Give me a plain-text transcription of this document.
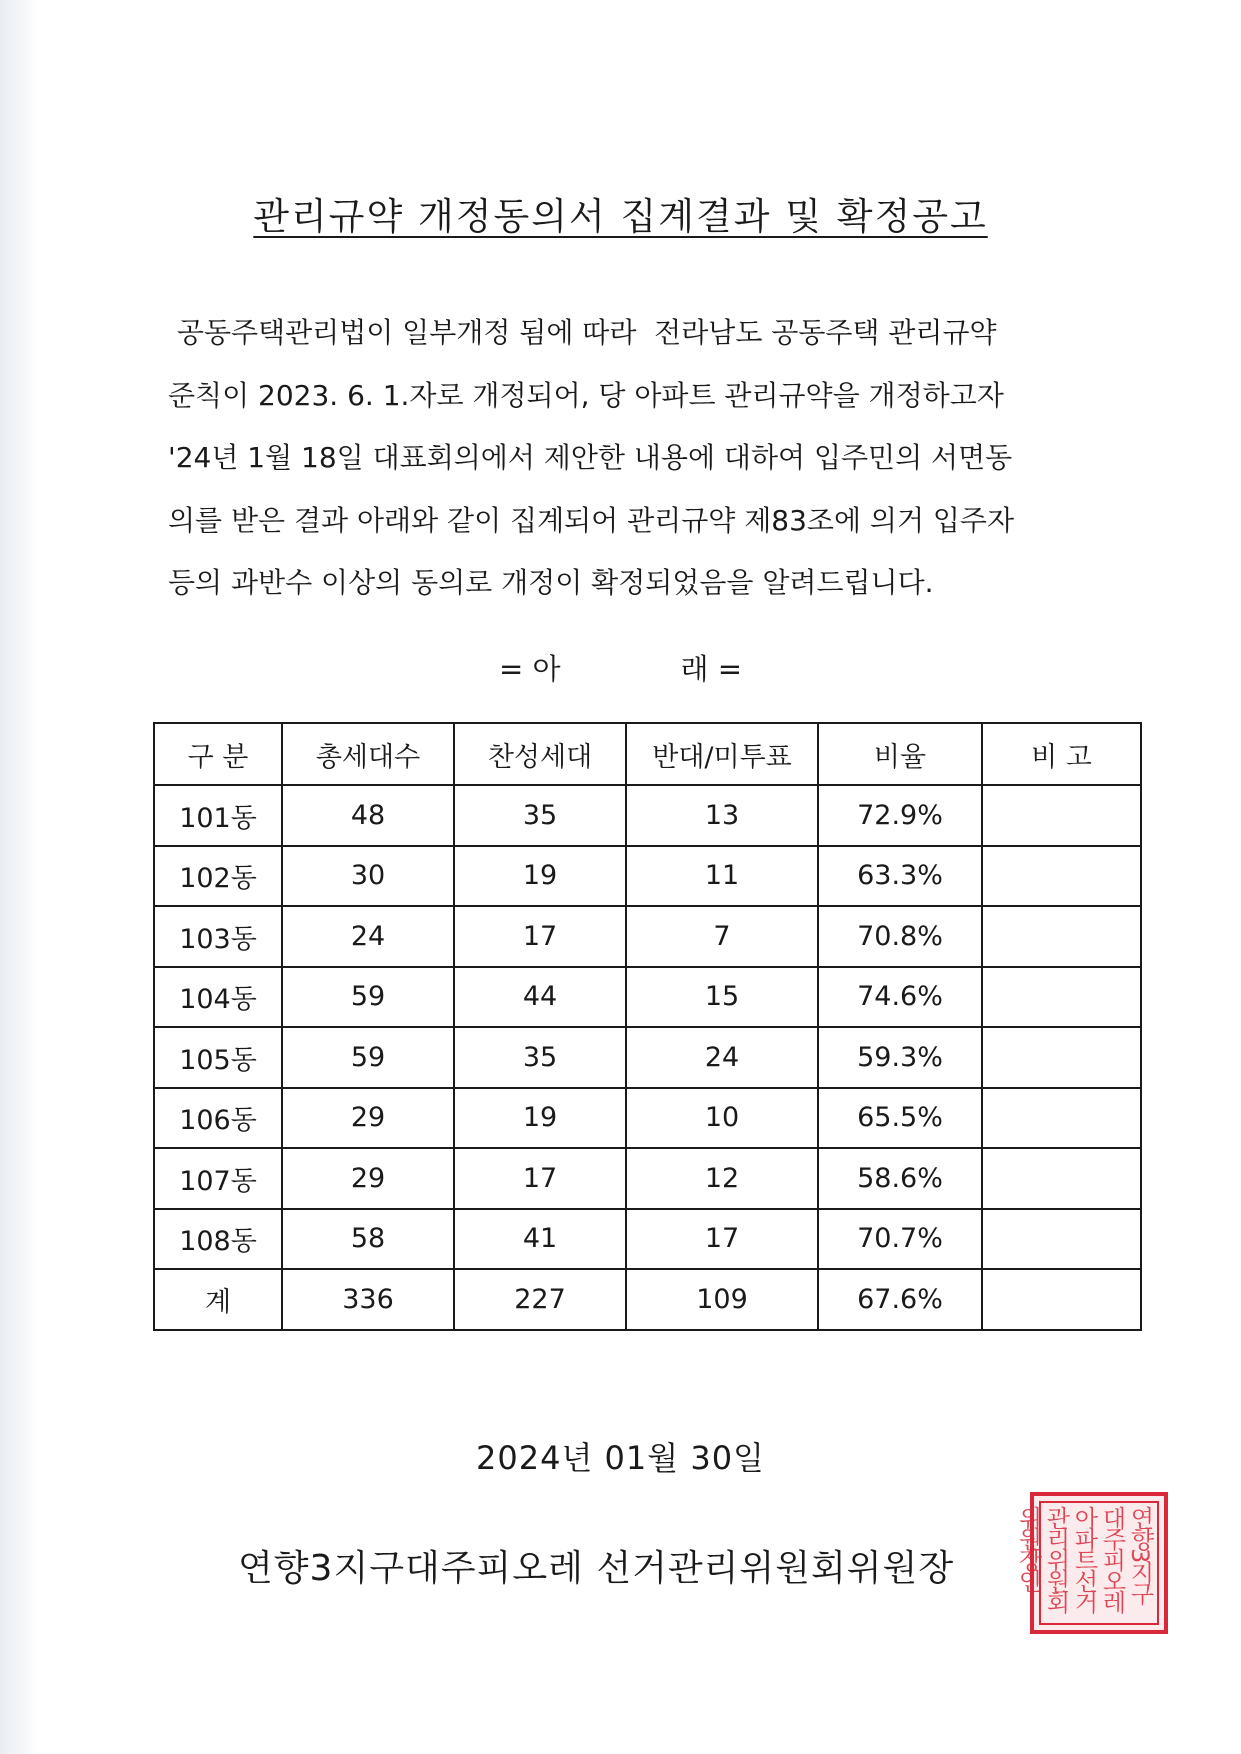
관리규약 개정동의서 집계결과 및 확정공고
공동주택관리법이 일부개정 됨에 따라  전라남도 공동주택 관리규약
준칙이 2023. 6. 1.자로 개정되어, 당 아파트 관리규약을 개정하고자
'24년 1월 18일 대표회의에서 제안한 내용에 대하여 입주민의 서면동
의를 받은 결과 아래와 같이 집계되어 관리규약 제83조에 의거 입주자
등의 과반수 이상의 동의로 개정이 확정되었음을 알려드립니다.
= 아	래 =
구 분	총세대수	찬성세대	반대/미투표	비율	비 고
101동	48	35	13	72.9%	
102동	30	19	11	63.3%	
103동	24	17	7	70.8%	
104동	59	44	15	74.6%	
105동	59	35	24	59.3%	
106동	29	19	10	65.5%	
107동	29	17	12	58.6%	
108동	58	41	17	70.7%	
계	336	227	109	67.6%	
2024년 01월 30일
연향3지구대주피오레 선거관리위원회위원장	연향3지구대주피오레아파트선거관리위원회위원장인
